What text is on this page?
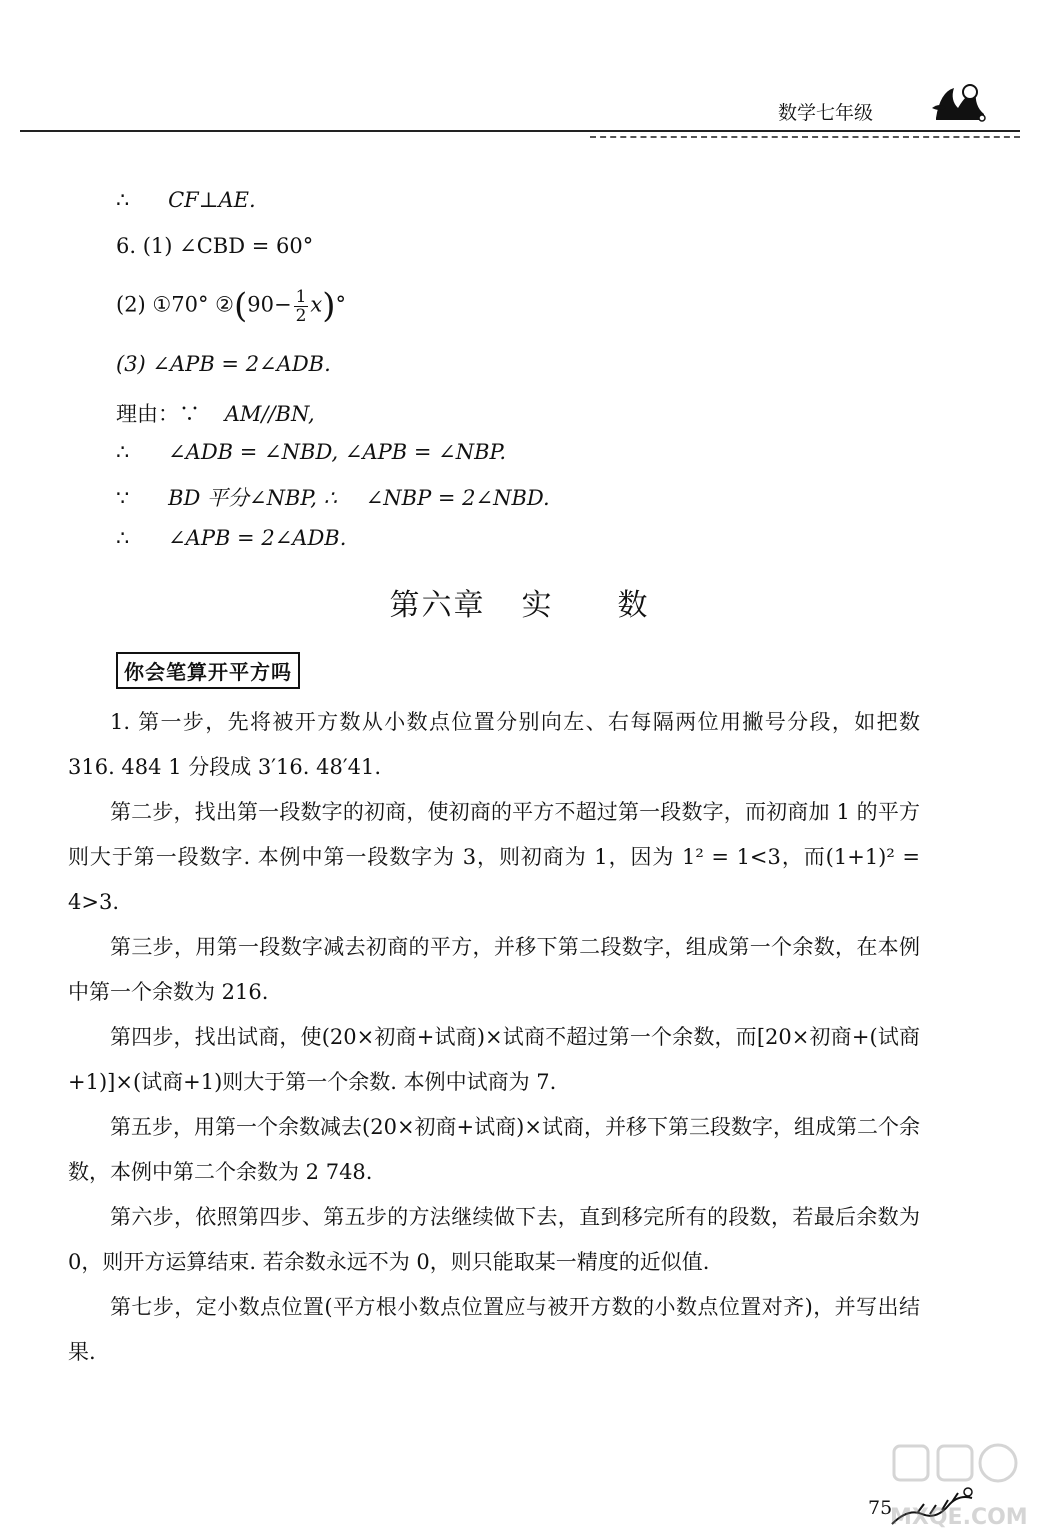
数学七年级
∴ CF⊥AE.
6. (1) ∠CBD = 60°
(2) ①70° ②(90− $\frac{1}{2} x)^\circ$
(3) ∠APB = 2∠ADB.
理由：∵ AM//BN,
∴ ∠ADB = ∠NBD, ∠APB = ∠NBP.
∵ BD 平分∠NBP, ∴ ∠NBP = 2∠NBD.
∴ ∠APB = 2∠ADB.
第六章 实 数
你会笔算开平方吗

1. 第一步，先将被开方数从小数点位置分别向左、右每隔两位用撇号分段，如把数 316. 484 1 分段成 3′16. 48′41.

第二步，找出第一段数字的初商，使初商的平方不超过第一段数字，而初商加 1 的平方则大于第一段数字. 本例中第一段数字为 3，则初商为 1，因为 1² = 1<3，而(1+1)² = 4>3.

第三步，用第一段数字减去初商的平方，并移下第二段数字，组成第一个余数，在本例中第一个余数为 216.

第四步，找出试商，使(20×初商+试商)×试商不超过第一个余数，而[20×初商+(试商+1)]×(试商+1)则大于第一个余数. 本例中试商为 7.

第五步，用第一个余数减去(20×初商+试商)×试商，并移下第三段数字，组成第二个余数，本例中第二个余数为 2 748.

第六步，依照第四步、第五步的方法继续做下去，直到移完所有的段数，若最后余数为 0，则开方运算结束. 若余数永远不为 0，则只能取某一精度的近似值.

第七步，定小数点位置(平方根小数点位置应与被开方数的小数点位置对齐)，并写出结果.

75
MXQE.COM
